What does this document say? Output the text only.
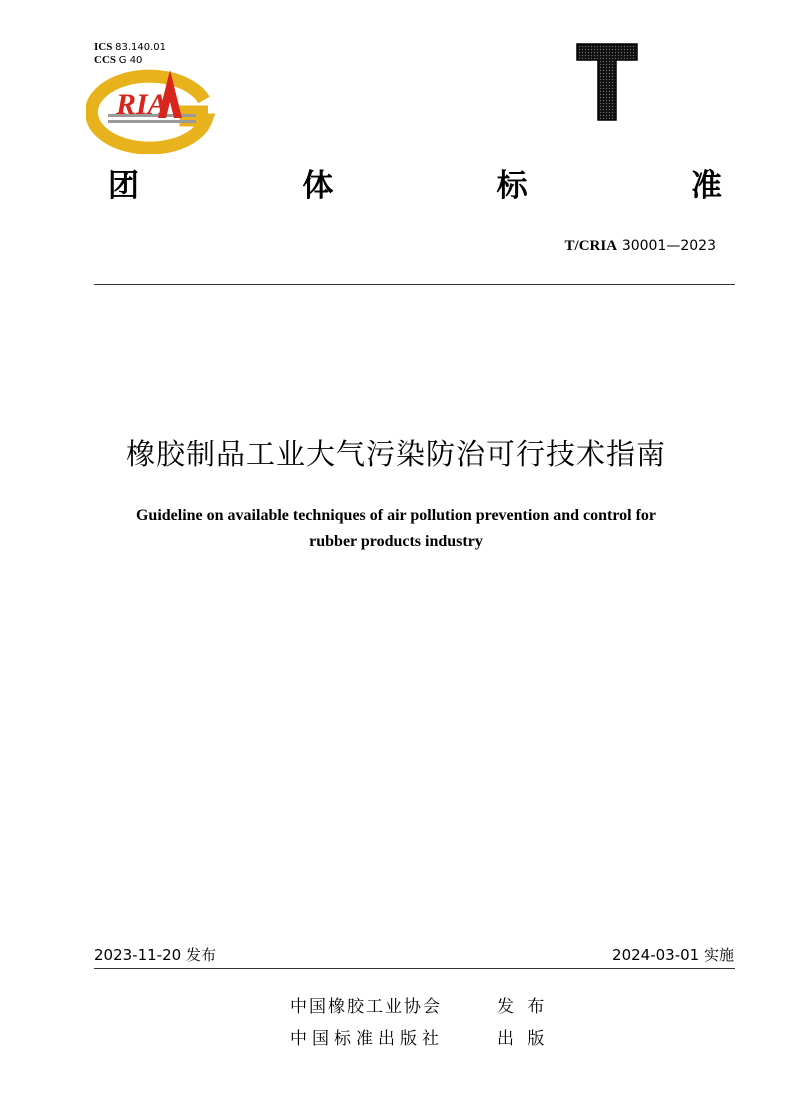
ICS 83.140.01
CCS G 40
RIA
团	体	标	准
T/CRIA 30001—2023
橡胶制品工业大气污染防治可行技术指南
Guideline on available techniques of air pollution prevention and control for
rubber products industry
2023-11-20 发布	2024-03-01 实施
中国橡胶工业协会	发 布
中国标准出版社	出 版
